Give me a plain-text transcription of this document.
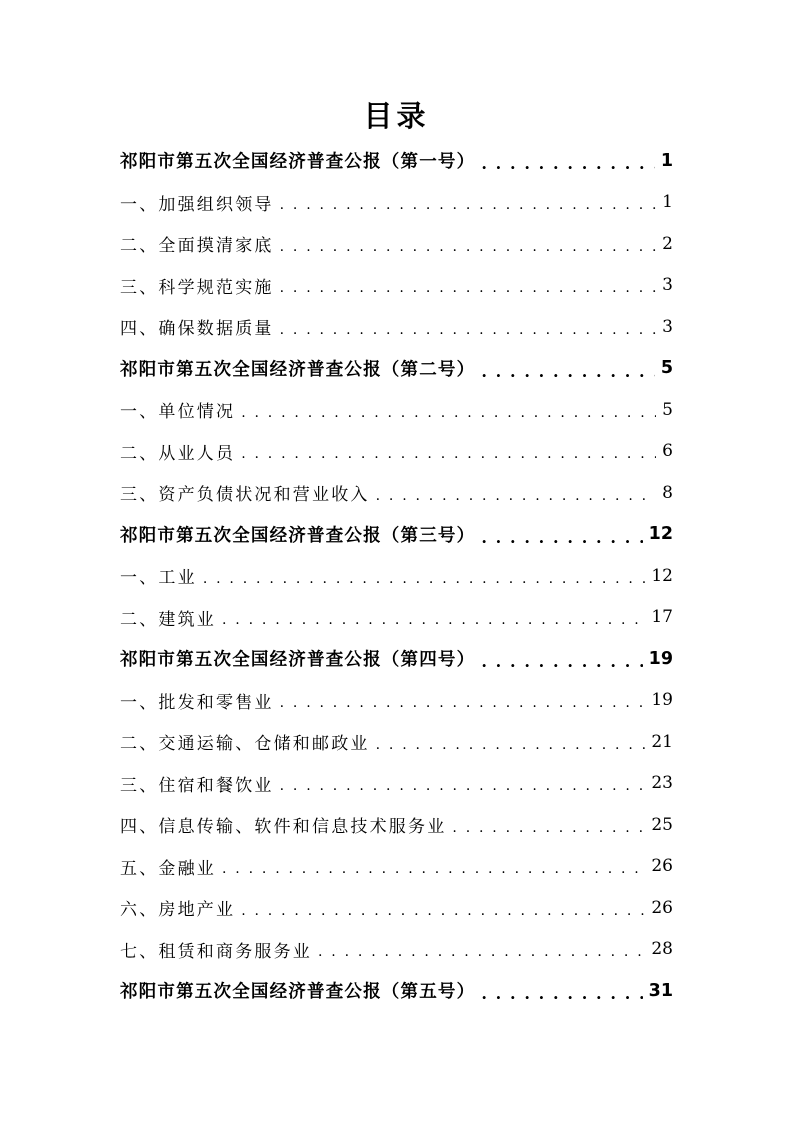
目录
祁阳市第五次全国经济普查公报（第一号） . . .	1
一、加强组织领导 . . .	1
二、全面摸清家底 . . .	2
三、科学规范实施 . . .	3
四、确保数据质量 . . .	3
祁阳市第五次全国经济普查公报（第二号） . . .	5
一、单位情况 . . .	5
二、从业人员 . . .	6
三、资产负债状况和营业收入 . . .	8
祁阳市第五次全国经济普查公报（第三号） . . .	12
一、工业 . . .	12
二、建筑业 . . .	17
祁阳市第五次全国经济普查公报（第四号） . . .	19
一、批发和零售业 . . .	19
二、交通运输、仓储和邮政业 . . .	21
三、住宿和餐饮业 . . .	23
四、信息传输、软件和信息技术服务业 . . .	25
五、金融业 . . .	26
六、房地产业 . . .	26
七、租赁和商务服务业 . . .	28
祁阳市第五次全国经济普查公报（第五号） . . .	31
